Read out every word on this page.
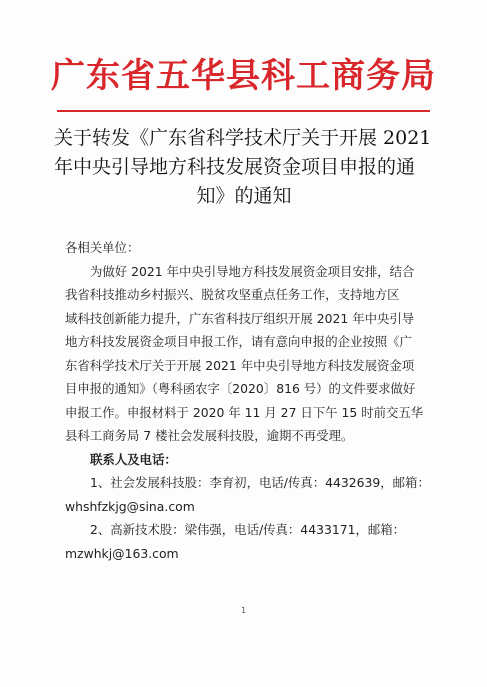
广东省五华县科工商务局
关于转发《广东省科学技术厅关于开展 2021
年中央引导地方科技发展资金项目申报的通
知》的通知
各相关单位：
为做好 2021 年中央引导地方科技发展资金项目安排，结合
我省科技推动乡村振兴、脱贫攻坚重点任务工作，支持地方区
域科技创新能力提升，广东省科技厅组织开展 2021 年中央引导
地方科技发展资金项目申报工作，请有意向申报的企业按照《广
东省科学技术厅关于开展 2021 年中央引导地方科技发展资金项
目申报的通知》（粤科函农字〔2020〕816 号）的文件要求做好
申报工作。申报材料于 2020 年 11 月 27 日下午 15 时前交五华
县科工商务局 7 楼社会发展科技股，逾期不再受理。
联系人及电话：
1、社会发展科技股：李育初，电话/传真：4432639，邮箱：
whshfzkjg@sina.com
2、高新技术股：梁伟强，电话/传真：4433171，邮箱：
mzwhkj@163.com
1
